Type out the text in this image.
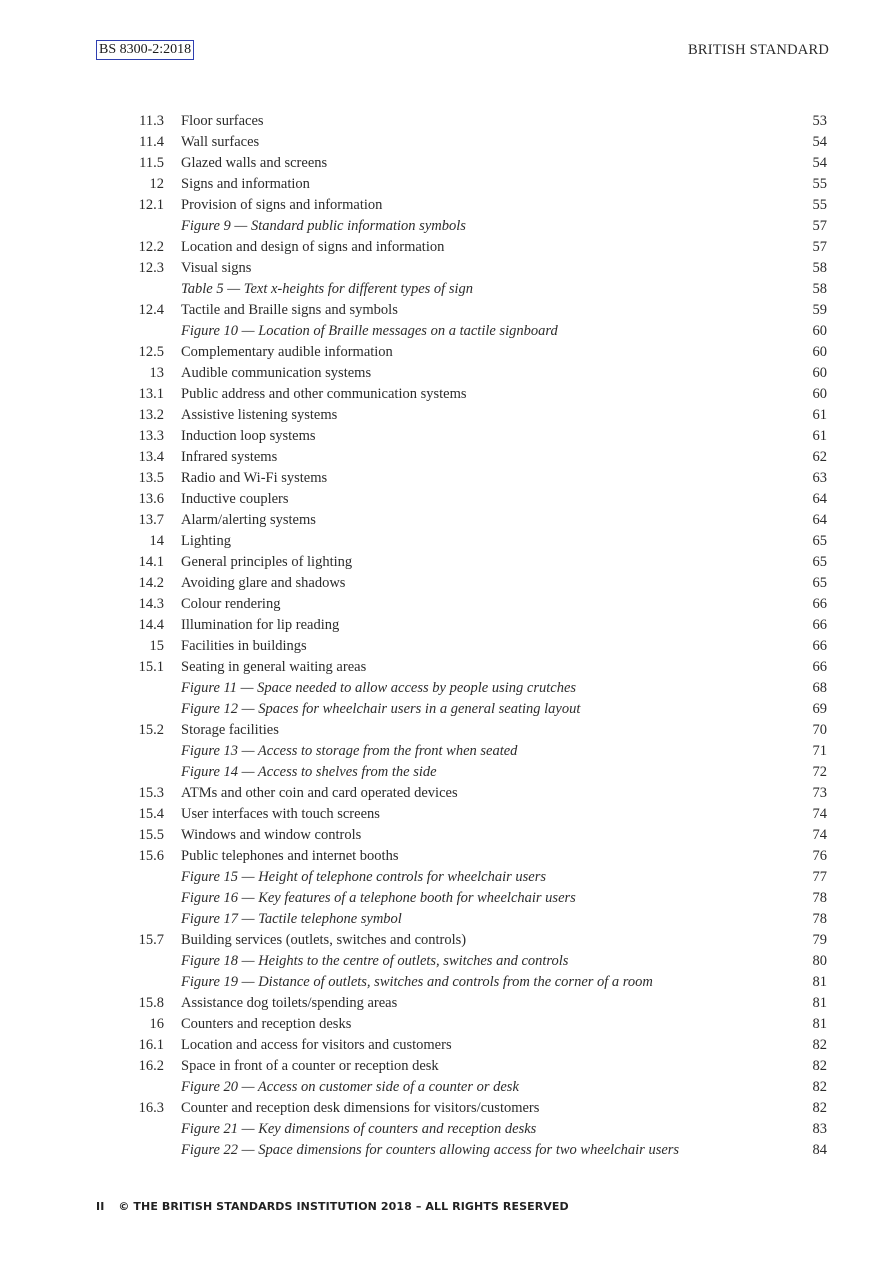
BS 8300-2:2018	BRITISH STANDARD
11.3 Floor surfaces	53
11.4 Wall surfaces	54
11.5 Glazed walls and screens	54
12 Signs and information	55
12.1 Provision of signs and information	55
Figure 9 — Standard public information symbols	57
12.2 Location and design of signs and information	57
12.3 Visual signs	58
Table 5 — Text x-heights for different types of sign	58
12.4 Tactile and Braille signs and symbols	59
Figure 10 — Location of Braille messages on a tactile signboard	60
12.5 Complementary audible information	60
13 Audible communication systems	60
13.1 Public address and other communication systems	60
13.2 Assistive listening systems	61
13.3 Induction loop systems	61
13.4 Infrared systems	62
13.5 Radio and Wi-Fi systems	63
13.6 Inductive couplers	64
13.7 Alarm/alerting systems	64
14 Lighting	65
14.1 General principles of lighting	65
14.2 Avoiding glare and shadows	65
14.3 Colour rendering	66
14.4 Illumination for lip reading	66
15 Facilities in buildings	66
15.1 Seating in general waiting areas	66
Figure 11 — Space needed to allow access by people using crutches	68
Figure 12 — Spaces for wheelchair users in a general seating layout	69
15.2 Storage facilities	70
Figure 13 — Access to storage from the front when seated	71
Figure 14 — Access to shelves from the side	72
15.3 ATMs and other coin and card operated devices	73
15.4 User interfaces with touch screens	74
15.5 Windows and window controls	74
15.6 Public telephones and internet booths	76
Figure 15 — Height of telephone controls for wheelchair users	77
Figure 16 — Key features of a telephone booth for wheelchair users	78
Figure 17 — Tactile telephone symbol	78
15.7 Building services (outlets, switches and controls)	79
Figure 18 — Heights to the centre of outlets, switches and controls	80
Figure 19 — Distance of outlets, switches and controls from the corner of a room	81
15.8 Assistance dog toilets/spending areas	81
16 Counters and reception desks	81
16.1 Location and access for visitors and customers	82
16.2 Space in front of a counter or reception desk	82
Figure 20 — Access on customer side of a counter or desk	82
16.3 Counter and reception desk dimensions for visitors/customers	82
Figure 21 — Key dimensions of counters and reception desks	83
Figure 22 — Space dimensions for counters allowing access for two wheelchair users	84
II © THE BRITISH STANDARDS INSTITUTION 2018 – ALL RIGHTS RESERVED
